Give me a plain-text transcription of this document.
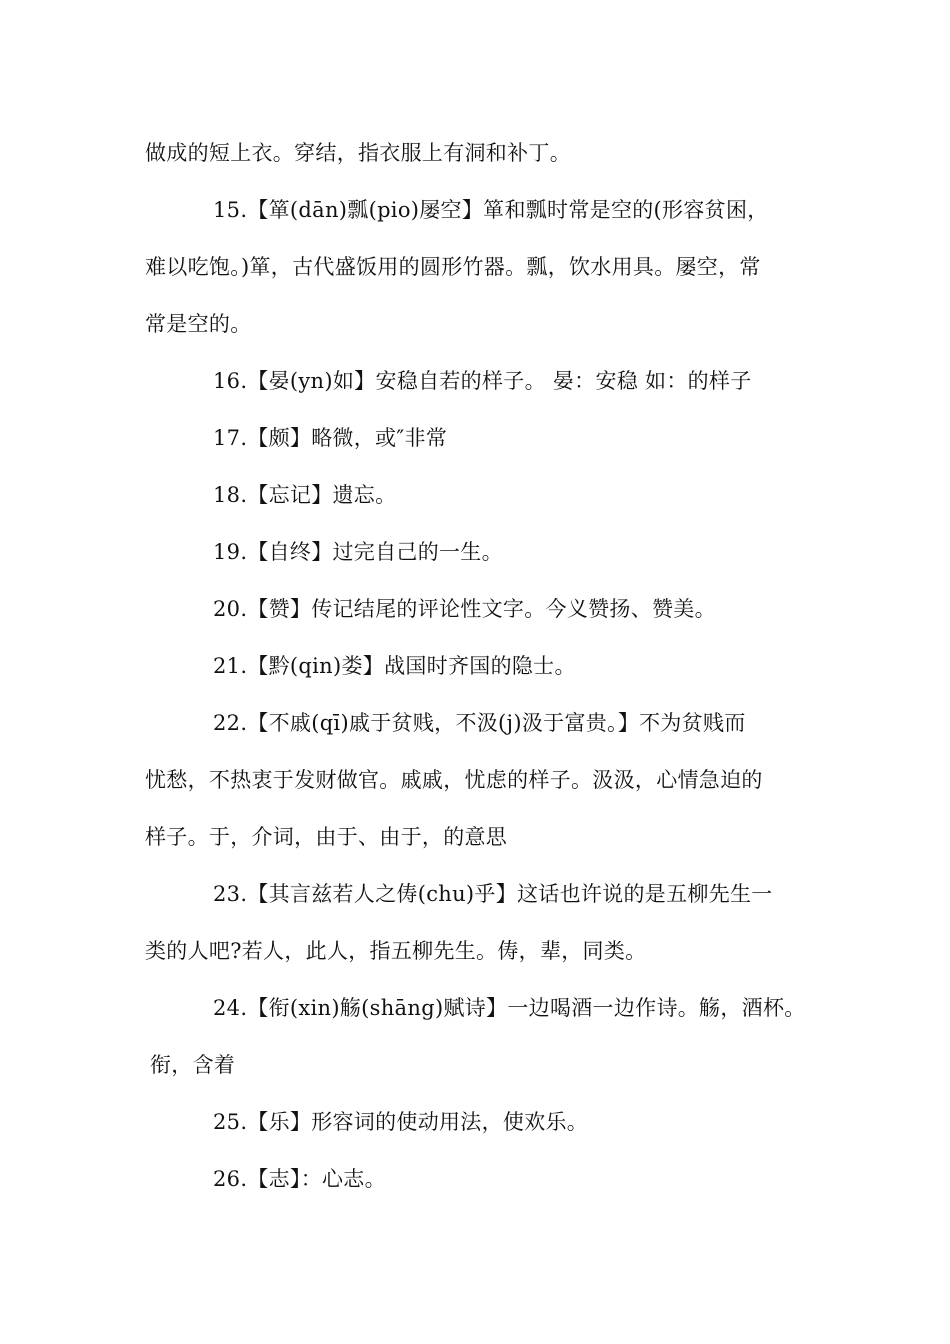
做成的短上衣。穿结，指衣服上有洞和补丁。
15.【箪(dān)瓢(pio)屡空】箪和瓢时常是空的(形容贫困，
难以吃饱。)箪，古代盛饭用的圆形竹器。瓢，饮水用具。屡空，常
常是空的。
16.【晏(yn)如】安稳自若的样子。 晏：安稳 如：的样子
17.【颇】略微，或″非常
18.【忘记】遗忘。
19.【自终】过完自己的一生。
20.【赞】传记结尾的评论性文字。今义赞扬、赞美。
21.【黔(qin)娄】战国时齐国的隐士。
22.【不戚(qī)戚于贫贱，不汲(j)汲于富贵。】不为贫贱而
忧愁，不热衷于发财做官。戚戚，忧虑的样子。汲汲，心情急迫的
样子。于，介词，由于、由于，的意思
23.【其言兹若人之俦(chu)乎】这话也许说的是五柳先生一
类的人吧?若人，此人，指五柳先生。俦，辈，同类。
24.【衔(xin)觞(shāng)赋诗】一边喝酒一边作诗。觞，酒杯。
衔，含着
25.【乐】形容词的使动用法，使欢乐。
26.【志】：心志。
